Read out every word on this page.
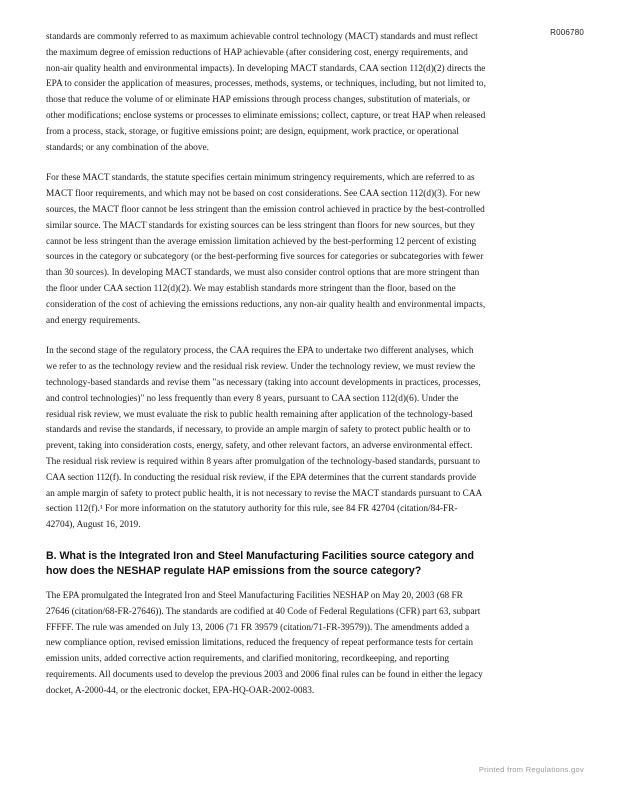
R006780

standards are commonly referred to as maximum achievable control technology (MACT) standards and must reflect the maximum degree of emission reductions of HAP achievable (after considering cost, energy requirements, and non-air quality health and environmental impacts). In developing MACT standards, CAA section 112(d)(2) directs the EPA to consider the application of measures, processes, methods, systems, or techniques, including, but not limited to, those that reduce the volume of or eliminate HAP emissions through process changes, substitution of materials, or other modifications; enclose systems or processes to eliminate emissions; collect, capture, or treat HAP when released from a process, stack, storage, or fugitive emissions point; are design, equipment, work practice, or operational standards; or any combination of the above.

For these MACT standards, the statute specifies certain minimum stringency requirements, which are referred to as MACT floor requirements, and which may not be based on cost considerations. See CAA section 112(d)(3). For new sources, the MACT floor cannot be less stringent than the emission control achieved in practice by the best-controlled similar source. The MACT standards for existing sources can be less stringent than floors for new sources, but they cannot be less stringent than the average emission limitation achieved by the best-performing 12 percent of existing sources in the category or subcategory (or the best-performing five sources for categories or subcategories with fewer than 30 sources). In developing MACT standards, we must also consider control options that are more stringent than the floor under CAA section 112(d)(2). We may establish standards more stringent than the floor, based on the consideration of the cost of achieving the emissions reductions, any non-air quality health and environmental impacts, and energy requirements.

In the second stage of the regulatory process, the CAA requires the EPA to undertake two different analyses, which we refer to as the technology review and the residual risk review. Under the technology review, we must review the technology-based standards and revise them "as necessary (taking into account developments in practices, processes, and control technologies)" no less frequently than every 8 years, pursuant to CAA section 112(d)(6). Under the residual risk review, we must evaluate the risk to public health remaining after application of the technology-based standards and revise the standards, if necessary, to provide an ample margin of safety to protect public health or to prevent, taking into consideration costs, energy, safety, and other relevant factors, an adverse environmental effect. The residual risk review is required within 8 years after promulgation of the technology-based standards, pursuant to CAA section 112(f). In conducting the residual risk review, if the EPA determines that the current standards provide an ample margin of safety to protect public health, it is not necessary to revise the MACT standards pursuant to CAA section 112(f).¹ For more information on the statutory authority for this rule, see 84 FR 42704 (citation/84-FR-42704), August 16, 2019.

B. What is the Integrated Iron and Steel Manufacturing Facilities source category and how does the NESHAP regulate HAP emissions from the source category?

The EPA promulgated the Integrated Iron and Steel Manufacturing Facilities NESHAP on May 20, 2003 (68 FR 27646 (citation/68-FR-27646)). The standards are codified at 40 Code of Federal Regulations (CFR) part 63, subpart FFFFF. The rule was amended on July 13, 2006 (71 FR 39579 (citation/71-FR-39579)). The amendments added a new compliance option, revised emission limitations, reduced the frequency of repeat performance tests for certain emission units, added corrective action requirements, and clarified monitoring, recordkeeping, and reporting requirements. All documents used to develop the previous 2003 and 2006 final rules can be found in either the legacy docket, A-2000-44, or the electronic docket, EPA-HQ-OAR-2002-0083.

Printed from Regulations.gov
